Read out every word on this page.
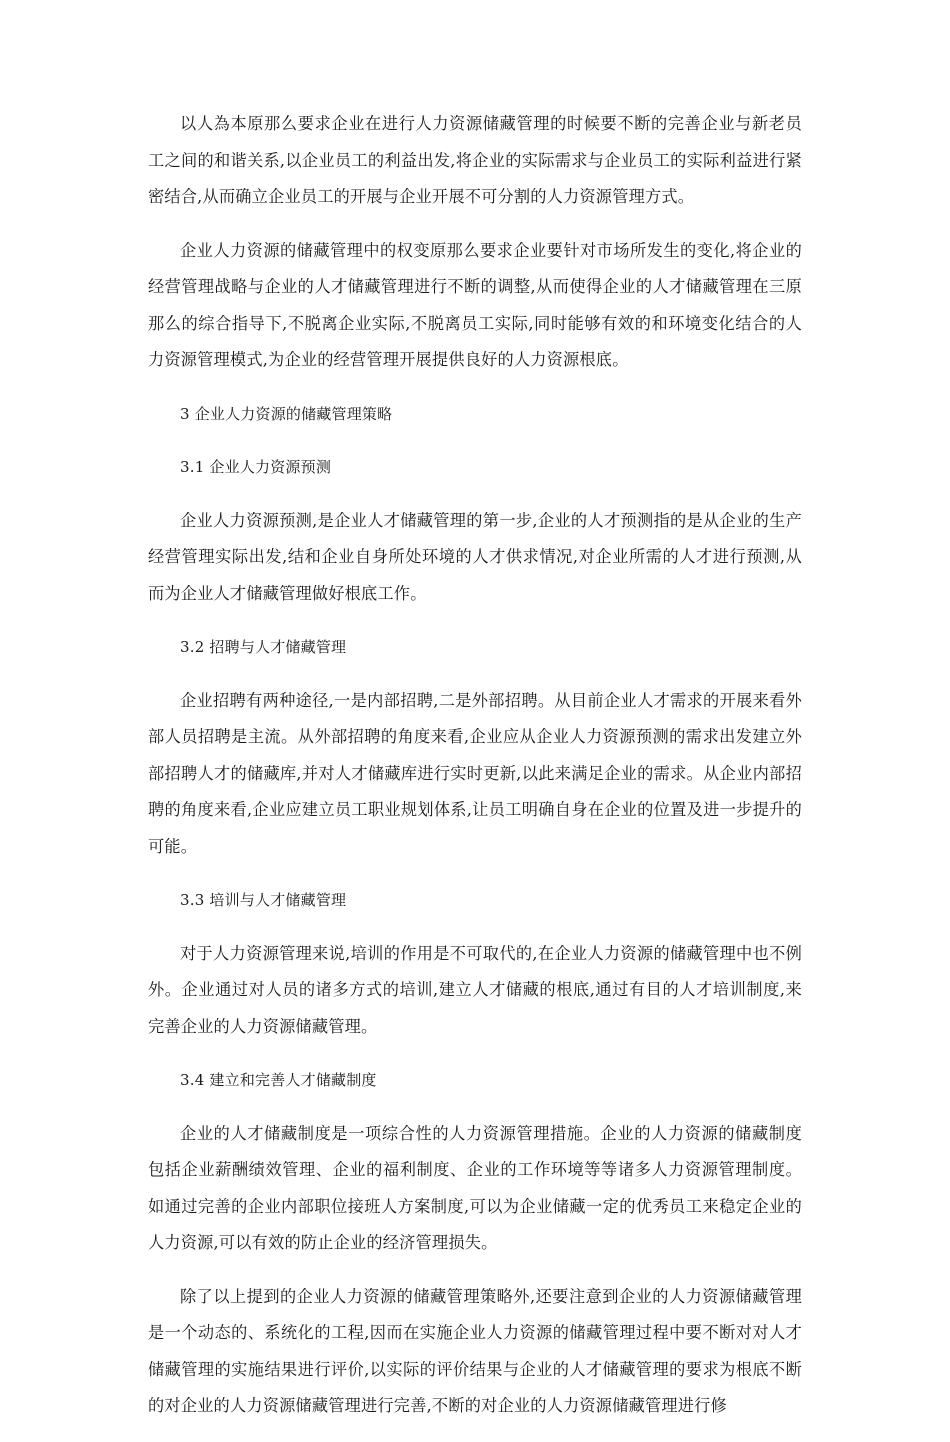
以人為本原那么要求企业在进行人力资源储藏管理的时候要不断的完善企业与新老员工之间的和谐关系,以企业员工的利益出发,将企业的实际需求与企业员工的实际利益进行紧密结合,从而确立企业员工的开展与企业开展不可分割的人力资源管理方式。

企业人力资源的储藏管理中的权变原那么要求企业要针对市场所发生的变化,将企业的经营管理战略与企业的人才储藏管理进行不断的调整,从而使得企业的人才储藏管理在三原那么的综合指导下,不脱离企业实际,不脱离员工实际,同时能够有效的和环境变化结合的人力资源管理模式,为企业的经营管理开展提供良好的人力资源根底。

3 企业人力资源的储藏管理策略

3.1 企业人力资源预测

企业人力资源预测,是企业人才储藏管理的第一步,企业的人才预测指的是从企业的生产经营管理实际出发,结和企业自身所处环境的人才供求情况,对企业所需的人才进行预测,从而为企业人才储藏管理做好根底工作。

3.2 招聘与人才储藏管理

企业招聘有两种途径,一是内部招聘,二是外部招聘。从目前企业人才需求的开展来看外部人员招聘是主流。从外部招聘的角度来看,企业应从企业人力资源预测的需求出发建立外部招聘人才的储藏库,并对人才储藏库进行实时更新,以此来满足企业的需求。从企业内部招聘的角度来看,企业应建立员工职业规划体系,让员工明确自身在企业的位置及进一步提升的可能。

3.3 培训与人才储藏管理

对于人力资源管理来说,培训的作用是不可取代的,在企业人力资源的储藏管理中也不例外。企业通过对人员的诸多方式的培训,建立人才储藏的根底,通过有目的人才培训制度,来完善企业的人力资源储藏管理。

3.4 建立和完善人才储藏制度

企业的人才储藏制度是一项综合性的人力资源管理措施。企业的人力资源的储藏制度包括企业薪酬绩效管理、企业的福利制度、企业的工作环境等等诸多人力资源管理制度。如通过完善的企业内部职位接班人方案制度,可以为企业储藏一定的优秀员工来稳定企业的人力资源,可以有效的防止企业的经济管理损失。

除了以上提到的企业人力资源的储藏管理策略外,还要注意到企业的人力资源储藏管理是一个动态的、系统化的工程,因而在实施企业人力资源的储藏管理过程中要不断对对人才储藏管理的实施结果进行评价,以实际的评价结果与企业的人才储藏管理的要求为根底不断的对企业的人力资源储藏管理进行完善,不断的对企业的人力资源储藏管理进行修
